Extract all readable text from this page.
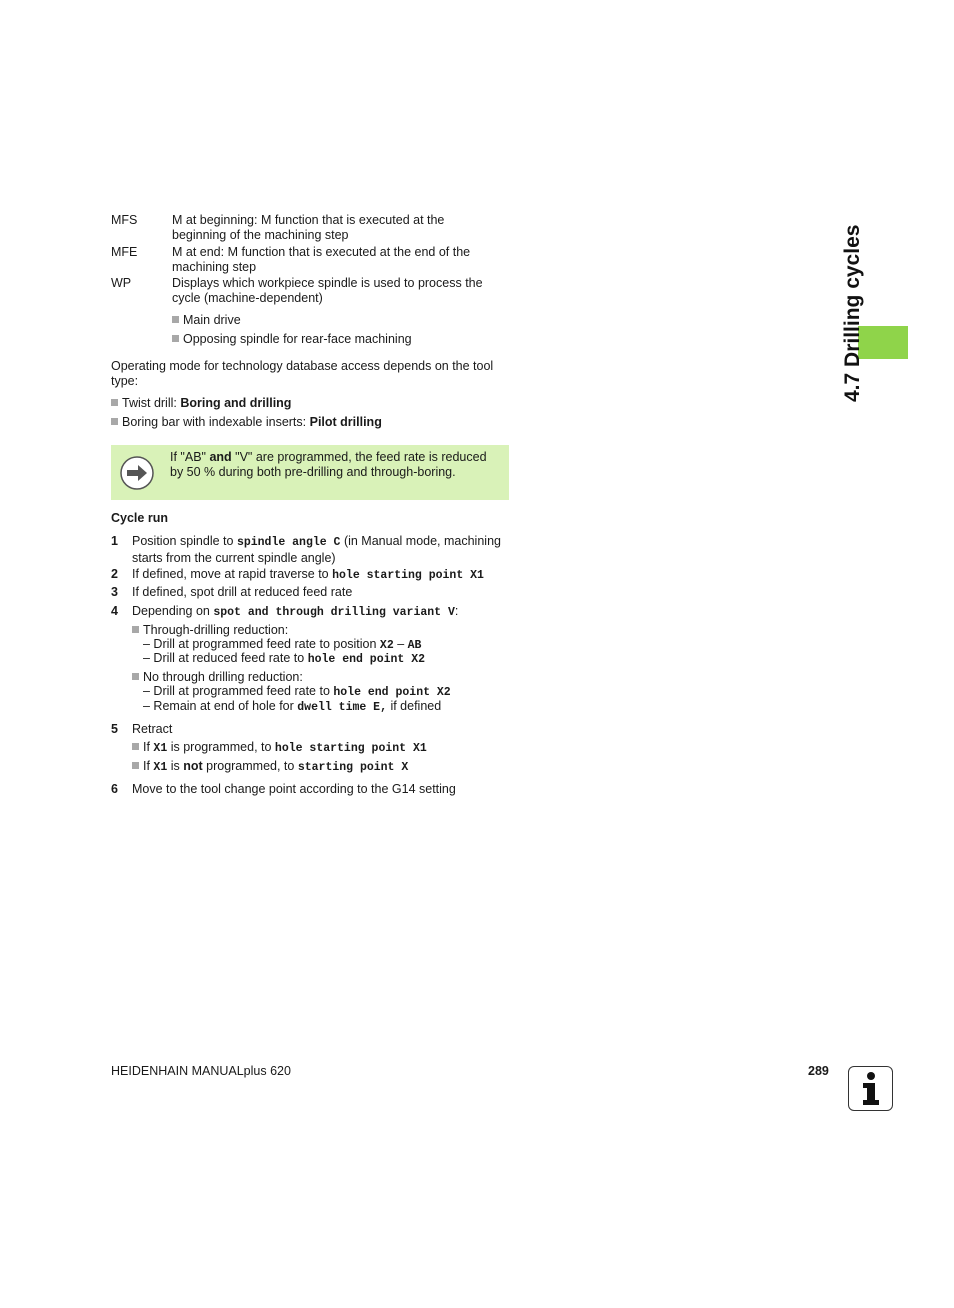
4.7 Drilling cycles
MFS	M at beginning: M function that is executed at the
beginning of the machining step
MFE	M at end: M function that is executed at the end of the
machining step
WP	Displays which workpiece spindle is used to process the
cycle (machine-dependent)
Main drive
Opposing spindle for rear-face machining
Operating mode for technology database access depends on the tool
type:
Twist drill: Boring and drilling
Boring bar with indexable inserts: Pilot drilling
If "AB" and "V" are programmed, the feed rate is reduced
by 50 % during both pre-drilling and through-boring.
Cycle run
1 Position spindle to spindle angle C (in Manual mode, machining
starts from the current spindle angle)
2 If defined, move at rapid traverse to hole starting point X1
3 If defined, spot drill at reduced feed rate
4 Depending on spot and through drilling variant V:
Through-drilling reduction:
– Drill at programmed feed rate to position X2 – AB
– Drill at reduced feed rate to hole end point X2
No through drilling reduction:
– Drill at programmed feed rate to hole end point X2
– Remain at end of hole for dwell time E, if defined
5 Retract
If X1 is programmed, to hole starting point X1
If X1 is not programmed, to starting point X
6 Move to the tool change point according to the G14 setting
HEIDENHAIN MANUALplus 620	289
